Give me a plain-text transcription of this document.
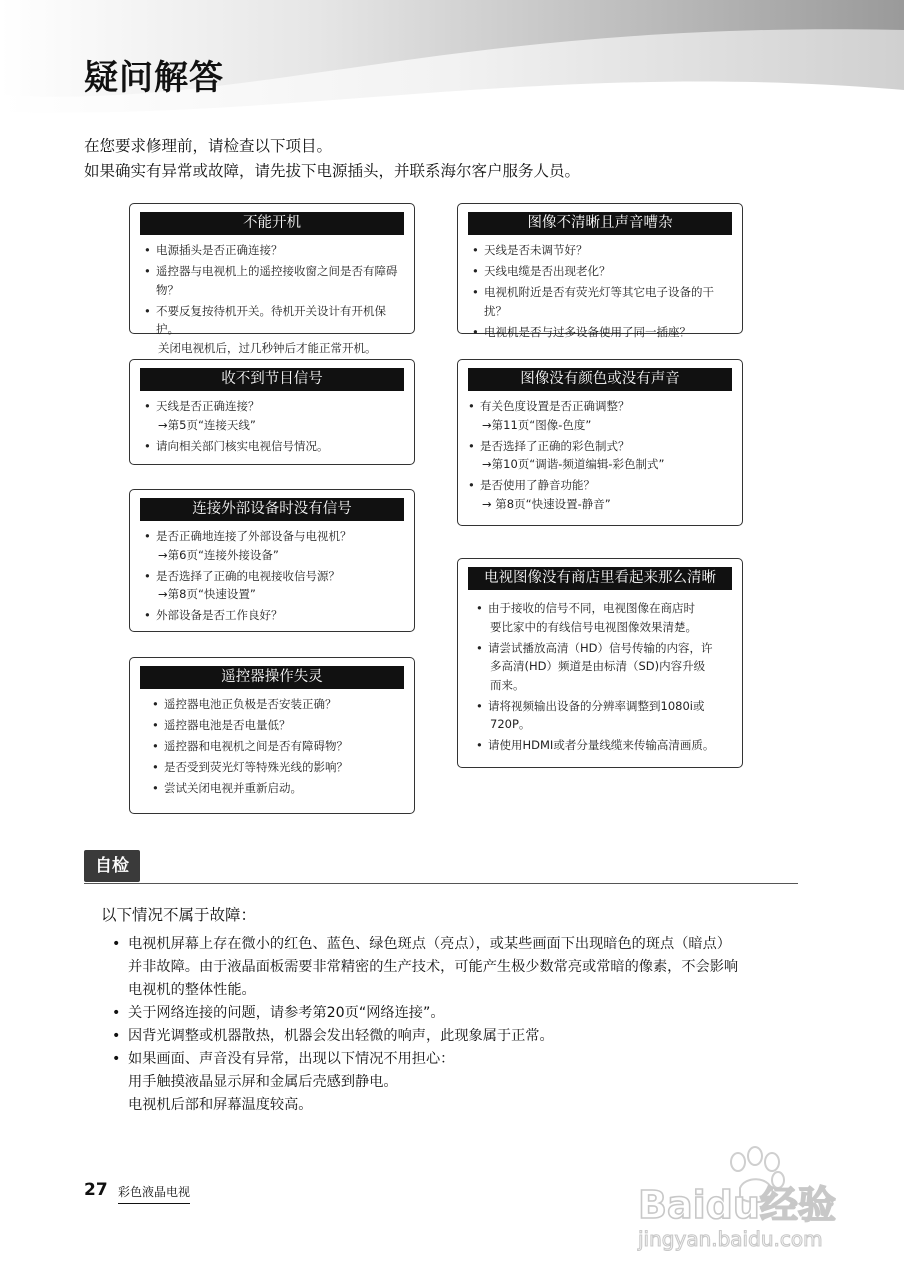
疑问解答
在您要求修理前，请检查以下项目。
如果确实有异常或故障，请先拔下电源插头，并联系海尔客户服务人员。
不能开机
• 电源插头是否正确连接？
• 遥控器与电视机上的遥控接收窗之间是否有障碍物？
• 不要反复按待机开关。待机开关设计有开机保护。
关闭电视机后，过几秒钟后才能正常开机。
收不到节目信号
• 天线是否正确连接？
→第5页“连接天线”
• 请向相关部门核实电视信号情况。
连接外部设备时没有信号
• 是否正确地连接了外部设备与电视机？
→第6页“连接外接设备”
• 是否选择了正确的电视接收信号源？
→第8页“快速设置”
• 外部设备是否工作良好？
遥控器操作失灵
• 遥控器电池正负极是否安装正确？
• 遥控器电池是否电量低？
• 遥控器和电视机之间是否有障碍物？
• 是否受到荧光灯等特殊光线的影响？
• 尝试关闭电视并重新启动。
图像不清晰且声音嘈杂
• 天线是否未调节好？
• 天线电缆是否出现老化？
• 电视机附近是否有荧光灯等其它电子设备的干扰？
• 电视机是否与过多设备使用了同一插座？
图像没有颜色或没有声音
• 有关色度设置是否正确调整？
→第11页“图像-色度”
• 是否选择了正确的彩色制式？
→第10页“调谐-频道编辑-彩色制式”
• 是否使用了静音功能？
→ 第8页“快速设置-静音”
电视图像没有商店里看起来那么清晰
• 由于接收的信号不同，电视图像在商店时
要比家中的有线信号电视图像效果清楚。
• 请尝试播放高清（HD）信号传输的内容，许
多高清(HD）频道是由标清（SD)内容升级
而来。
• 请将视频输出设备的分辨率调整到1080i或
720P。
• 请使用HDMI或者分量线缆来传输高清画质。
自检
以下情况不属于故障：
• 电视机屏幕上存在微小的红色、蓝色、绿色斑点（亮点），或某些画面下出现暗色的斑点（暗点）
并非故障。由于液晶面板需要非常精密的生产技术，可能产生极少数常亮或常暗的像素，不会影响
电视机的整体性能。
• 关于网络连接的问题，请参考第20页“网络连接”。
• 因背光调整或机器散热，机器会发出轻微的响声，此现象属于正常。
• 如果画面、声音没有异常，出现以下情况不用担心：
用手触摸液晶显示屏和金属后壳感到静电。
电视机后部和屏幕温度较高。
27 彩色液晶电视	Baidu经验
jingyan.baidu.com
